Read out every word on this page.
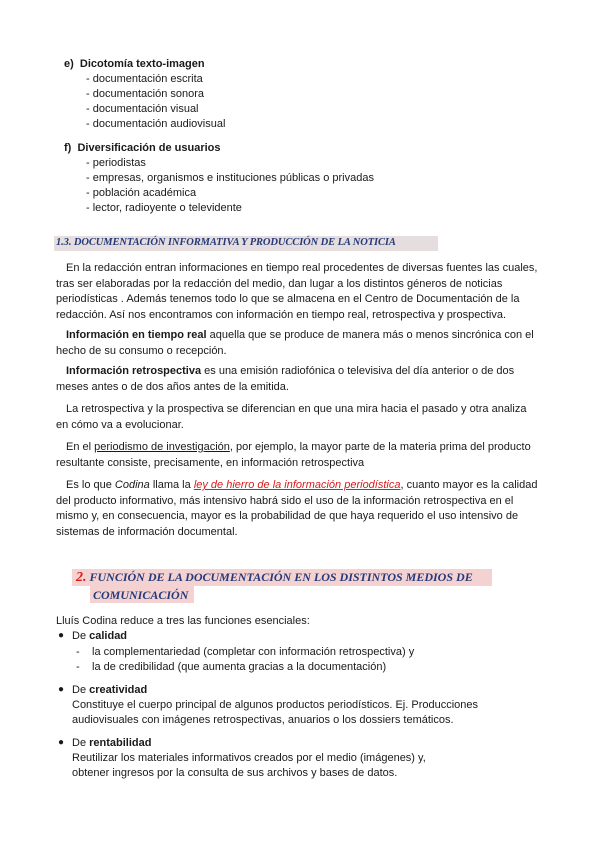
e) Dicotomía texto-imagen
- documentación escrita
- documentación sonora
- documentación visual
- documentación audiovisual
f) Diversificación de usuarios
- periodistas
- empresas, organismos e instituciones públicas o privadas
- población académica
- lector, radioyente o televidente
1.3. DOCUMENTACIÓN INFORMATIVA Y PRODUCCIÓN DE LA NOTICIA
En la redacción entran informaciones en tiempo real procedentes de diversas fuentes las cuales,
tras ser elaboradas por la redacción del medio, dan lugar a los distintos géneros de noticias
periodísticas . Además tenemos todo lo que se almacena en el Centro de Documentación de la
redacción. Así nos encontramos con información en tiempo real, retrospectiva y prospectiva.
Información en tiempo real aquella que se produce de manera más o menos sincrónica con el
hecho de su consumo o recepción.
Información retrospectiva es una emisión radiofónica o televisiva del día anterior o de dos
meses antes o de dos años antes de la emitida.
La retrospectiva y la prospectiva se diferencian en que una mira hacia el pasado y otra analiza
en cómo va a evolucionar.
En el periodismo de investigación, por ejemplo, la mayor parte de la materia prima del producto
resultante consiste, precisamente, en información retrospectiva
Es lo que Codina llama la ley de hierro de la información periodística, cuanto mayor es la calidad
del producto informativo, más intensivo habrá sido el uso de la información retrospectiva en el
mismo y, en consecuencia, mayor es la probabilidad de que haya requerido el uso intensivo de
sistemas de información documental.
2. FUNCIÓN DE LA DOCUMENTACIÓN EN LOS DISTINTOS MEDIOS DE
COMUNICACIÓN
Lluís Codina reduce a tres las funciones esenciales:
● De calidad
- la complementariedad (completar con información retrospectiva) y
- la de credibilidad (que aumenta gracias a la documentación)
● De creatividad
Constituye el cuerpo principal de algunos productos periodísticos. Ej. Producciones
audiovisuales con imágenes retrospectivas, anuarios o los dossiers temáticos.
● De rentabilidad
Reutilizar los materiales informativos creados por el medio (imágenes) y,
obtener ingresos por la consulta de sus archivos y bases de datos.
